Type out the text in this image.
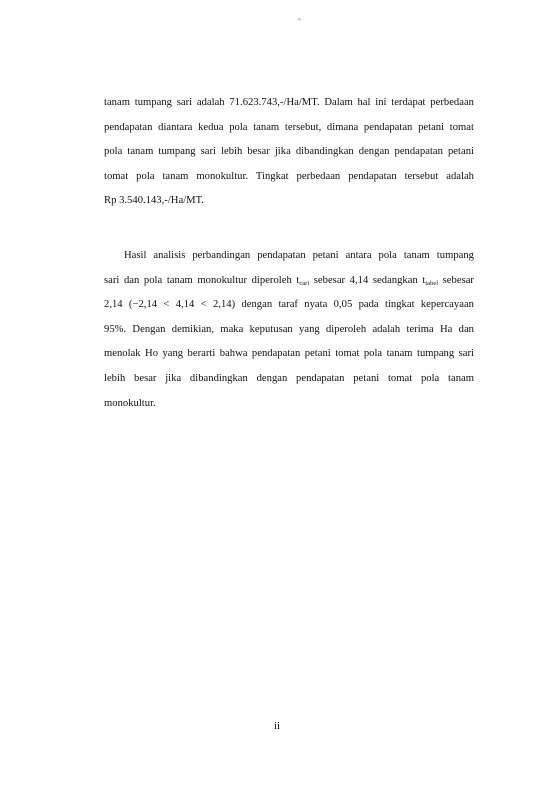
°
tanam tumpang sari adalah 71.623.743,-/Ha/MT. Dalam hal ini terdapat perbedaan
pendapatan diantara kedua pola tanam tersebut, dimana pendapatan petani tomat
pola tanam tumpang sari lebih besar jika dibandingkan dengan pendapatan petani
tomat pola tanam monokultur. Tingkat perbedaan pendapatan tersebut adalah
Rp 3.540.143,-/Ha/MT.
Hasil analisis perbandingan pendapatan petani antara pola tanam tumpang
sari dan pola tanam monokultur diperoleh $t_{cari}$ sebesar 4,14 sedangkan $t_{tabel}$ sebesar
2,14 (−2,14 < 4,14 < 2,14) dengan taraf nyata 0,05 pada tingkat kepercayaan
95%. Dengan demikian, maka keputusan yang diperoleh adalah terima Ha dan
menolak Ho yang berarti bahwa pendapatan petani tomat pola tanam tumpang sari
lebih besar jika dibandingkan dengan pendapatan petani tomat pola tanam
monokultur.
ii
